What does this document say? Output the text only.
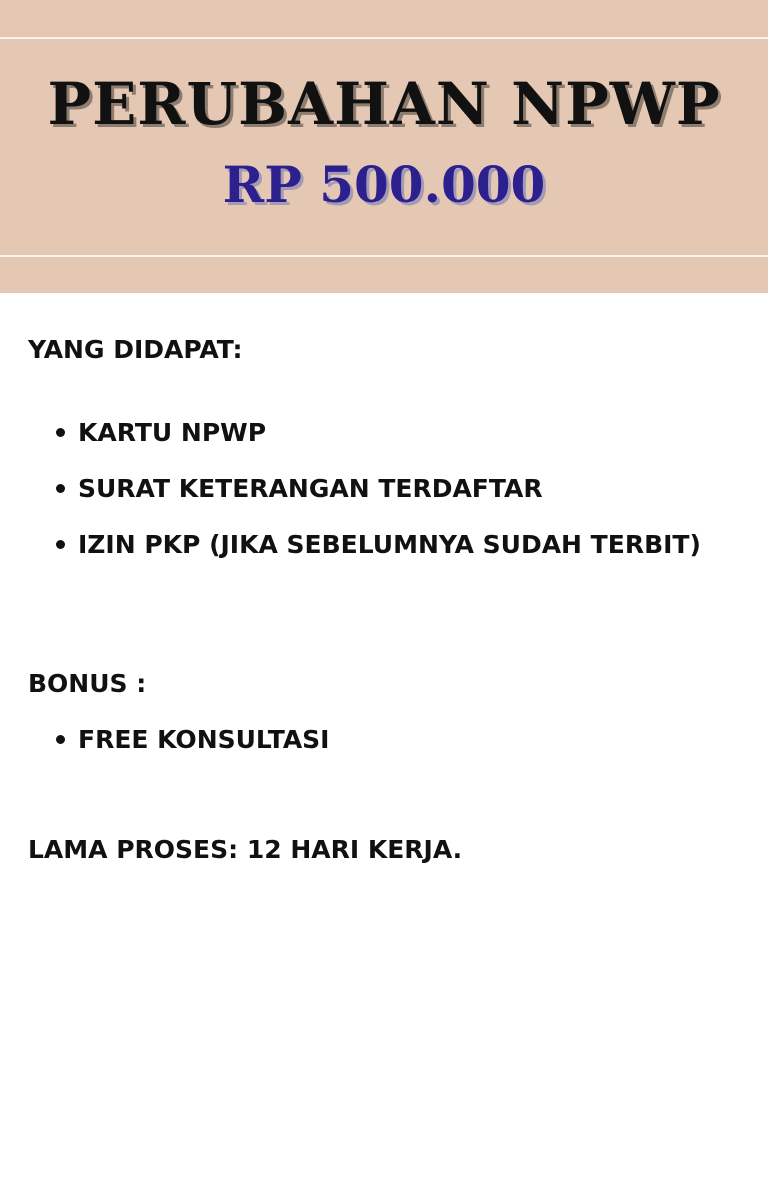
PERUBAHAN NPWP
RP 500.000
YANG DIDAPAT:
KARTU NPWP
SURAT KETERANGAN TERDAFTAR
IZIN PKP (JIKA SEBELUMNYA SUDAH TERBIT)
BONUS :
FREE KONSULTASI
LAMA PROSES: 12 HARI KERJA.
